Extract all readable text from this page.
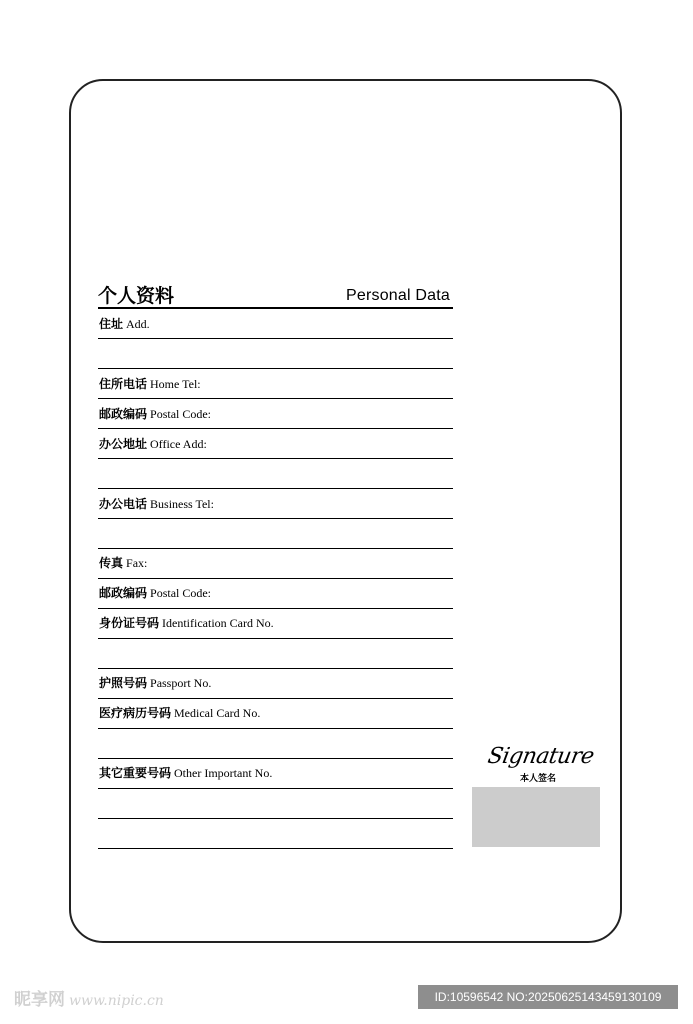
个人资料	Personal Data
住址 Add.
住所电话 Home Tel:
邮政编码 Postal Code:
办公地址 Office Add:
办公电话 Business Tel:
传真 Fax:
邮政编码 Postal Code:
身份证号码 Identification Card No.
护照号码 Passport No.
医疗病历号码 Medical Card No.
其它重要号码 Other Important No.
Signature
本人签名
昵享网 www.nipic.cn	ID:10596542 NO:20250625143459130109
